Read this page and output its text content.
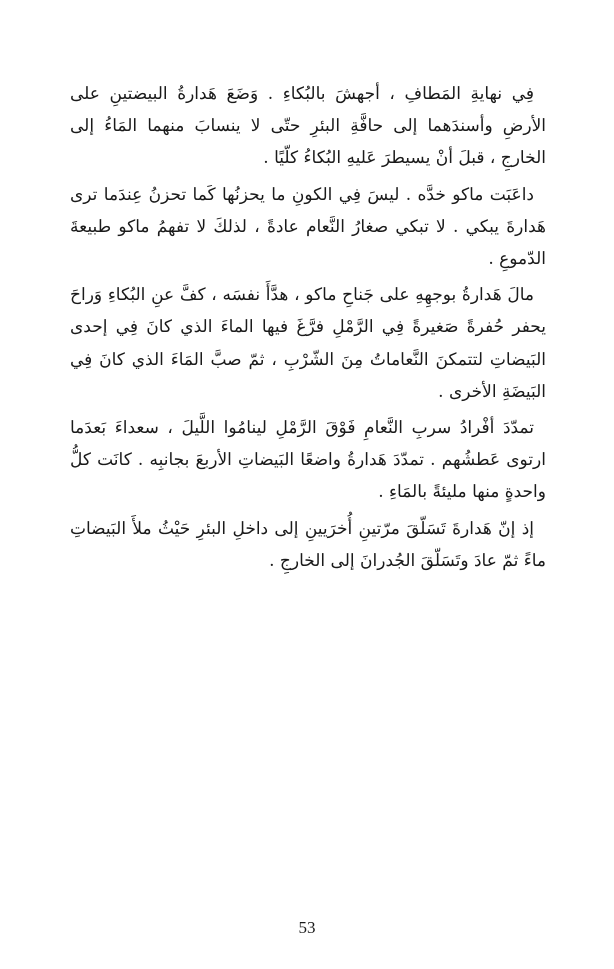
فِي نهايةِ المَطافِ ، أجهشَ بالبُكاءِ . وَضَعَ هَدارةُ البيضتينِ على الأرضِ وأسندَهما إلى حافَّةِ البئرِ حتّى لا ينسابَ منهما المَاءُ إلى الخارجِ ، قبلَ أنْ يسيطرَ عَليهِ البُكاءُ كلّيًا .

داعَبَت ماكو خدَّه . ليسَ فِي الكونِ ما يحزنُها كَما تحزنُ عِندَما ترى هَدارةَ يبكي . لا تبكي صغارُ النَّعام عادةً ، لذلكَ لا تفهمُ ماكو طبيعةَ الدّموعِ .

مالَ هَدارةُ بوجهِهِ على جَناحِ ماكو ، هدَّأَ نفسَه ، كفَّ عنِ البُكاءِ وَراحَ يحفر حُفرةً صَغيرةً فِي الرَّمْلِ فرَّغَ فيها الماءَ الذي كانَ فِي إحدى البَيضاتِ لتتمكنَ النَّعاماتُ مِنَ الشّرْبِ ، ثمّ صبَّ المَاءَ الذي كانَ فِي البَيضَةِ الأخرى .

تمدّدَ أفْرادُ سربِ النَّعامِ فَوْقَ الرَّمْلِ لينامُوا اللَّيلَ ، سعداءَ بَعدَما ارتوى عَطشُهم . تمدّدَ هَدارةُ واضعًا البَيضاتِ الأربعَ بجانبِه . كانَت كلُّ واحدةٍ منها مليئةً بالمَاءِ .

إذ إنّ هَدارةَ تَسَلّقَ مرّتينِ أُخرَيينِ إلى داخلِ البئرِ حَيْثُ ملأَ البَيضاتِ ماءً ثمّ عادَ وتَسَلّقَ الجُدرانَ إلى الخارجِ .

53
